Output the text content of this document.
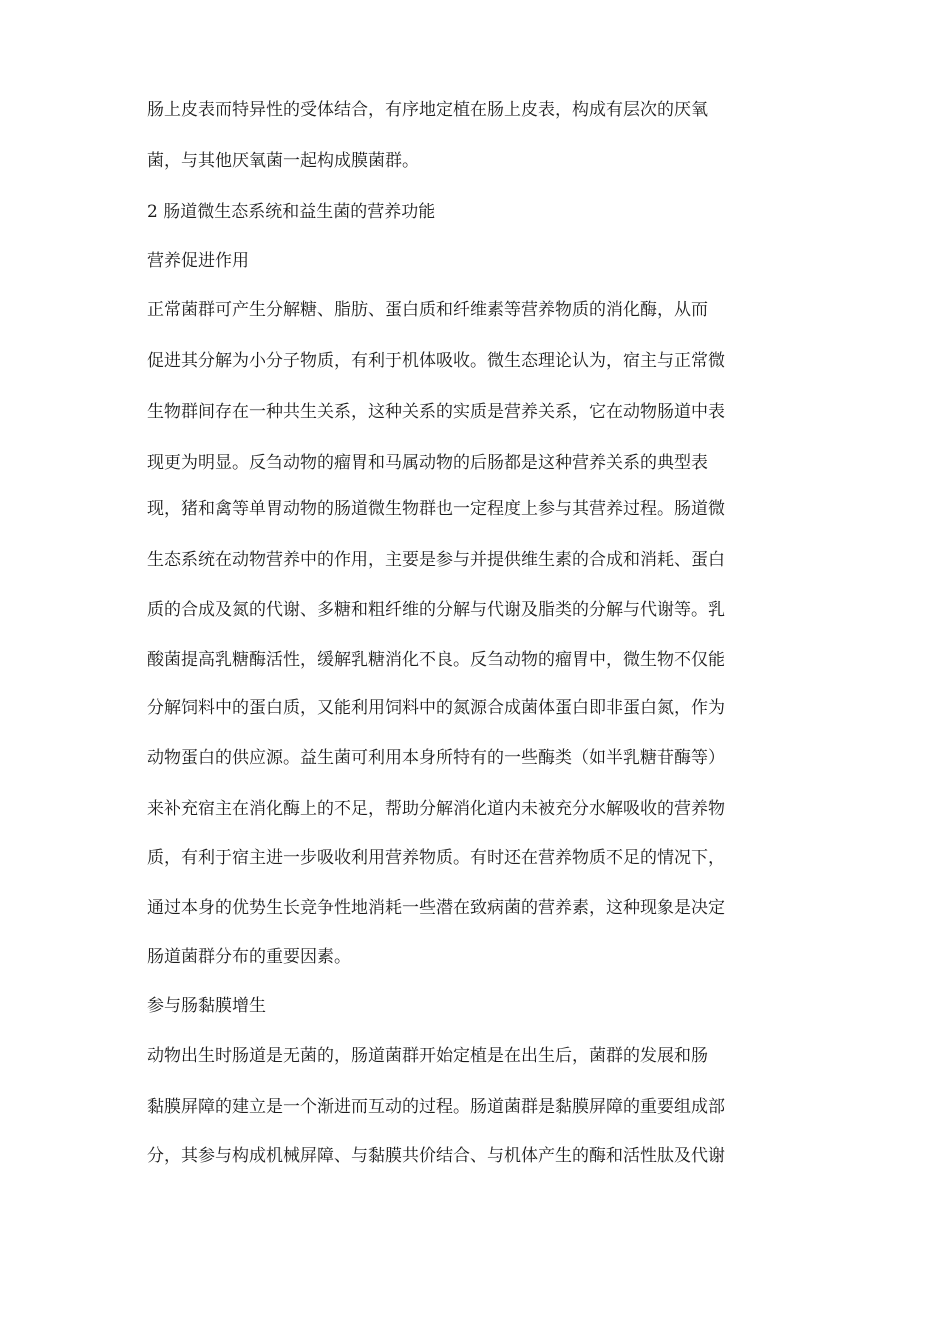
肠上皮表而特异性的受体结合，有序地定植在肠上皮表，构成有层次的厌氧
菌，与其他厌氧菌一起构成膜菌群。
2 肠道微生态系统和益生菌的营养功能
营养促进作用
正常菌群可产生分解糖、脂肪、蛋白质和纤维素等营养物质的消化酶，从而
促进其分解为小分子物质，有利于机体吸收。微生态理论认为，宿主与正常微
生物群间存在一种共生关系，这种关系的实质是营养关系，它在动物肠道中表
现更为明显。反刍动物的瘤胃和马属动物的后肠都是这种营养关系的典型表
现，猪和禽等单胃动物的肠道微生物群也一定程度上参与其营养过程。肠道微
生态系统在动物营养中的作用，主要是参与并提供维生素的合成和消耗、蛋白
质的合成及氮的代谢、多糖和粗纤维的分解与代谢及脂类的分解与代谢等。乳
酸菌提高乳糖酶活性，缓解乳糖消化不良。反刍动物的瘤胃中，微生物不仅能
分解饲料中的蛋白质，又能利用饲料中的氮源合成菌体蛋白即非蛋白氮，作为
动物蛋白的供应源。益生菌可利用本身所特有的一些酶类（如半乳糖苷酶等）
来补充宿主在消化酶上的不足，帮助分解消化道内未被充分水解吸收的营养物
质，有利于宿主进一步吸收利用营养物质。有时还在营养物质不足的情况下，
通过本身的优势生长竞争性地消耗一些潜在致病菌的营养素，这种现象是决定
肠道菌群分布的重要因素。
参与肠黏膜增生
动物出生时肠道是无菌的，肠道菌群开始定植是在出生后，菌群的发展和肠
黏膜屏障的建立是一个渐进而互动的过程。肠道菌群是黏膜屏障的重要组成部
分，其参与构成机械屏障、与黏膜共价结合、与机体产生的酶和活性肽及代谢
